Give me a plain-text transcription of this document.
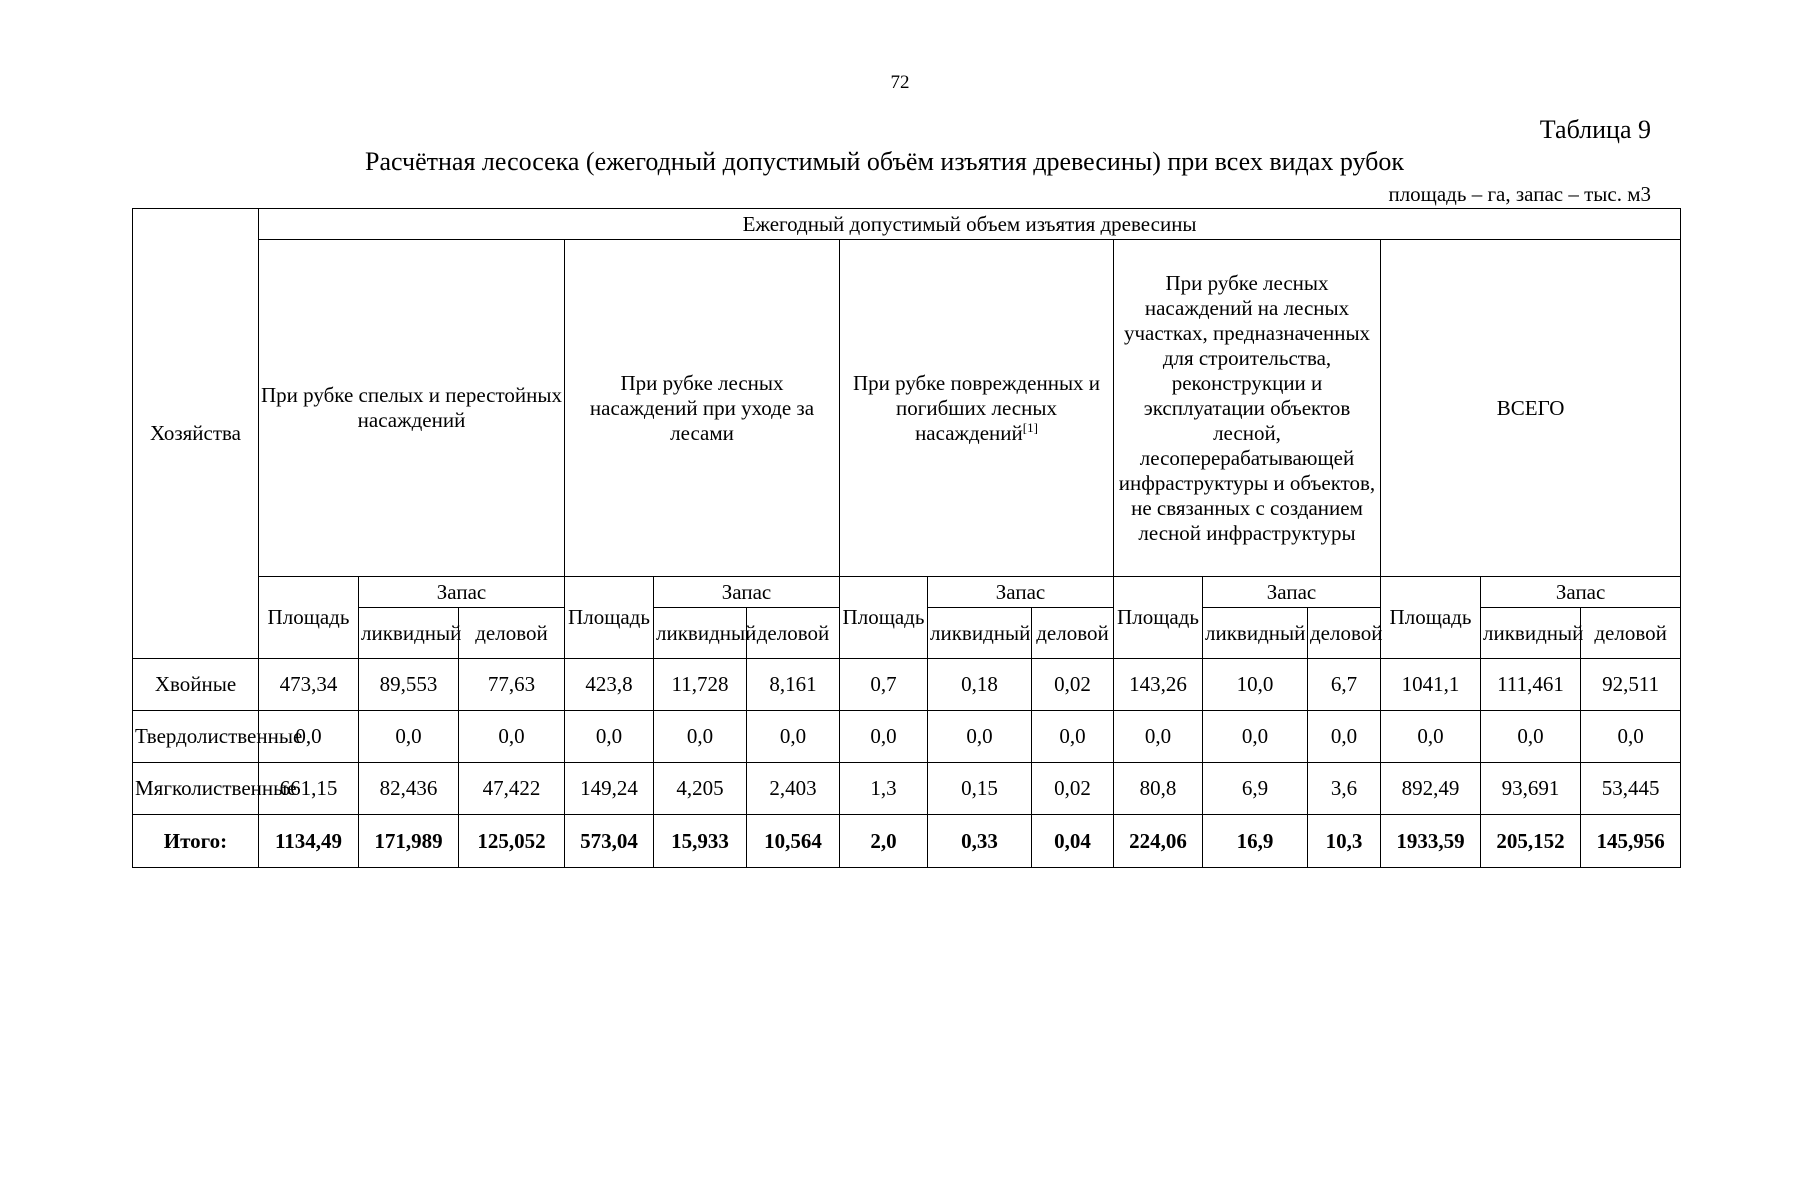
72
Таблица 9
Расчётная лесосека (ежегодный допустимый объём изъятия древесины) при всех видах рубок
площадь – га, запас – тыс. м3
Хозяйства	Ежегодный допустимый объем изъятия древесины														
	При рубке спелых и перестойных насаждений			При рубке лесных насаждений при уходе за лесами			При рубке поврежденных и погибших лесных насаждений[1]			При рубке лесных насаждений на лесных участках, предназначенных для строительства, реконструкции и эксплуатации объектов лесной, лесоперерабатывающей инфраструктуры и объектов, не связанных с созданием лесной инфраструктуры			ВСЕГО		
	Площадь	Запас		Площадь	Запас		Площадь	Запас		Площадь	Запас		Площадь	Запас	
		ликвидный	деловой		ликвидный	деловой		ликвидный	деловой		ликвидный	деловой		ликвидный	деловой
Хвойные	473,34	89,553	77,63	423,8	11,728	8,161	0,7	0,18	0,02	143,26	10,0	6,7	1041,1	111,461	92,511
Твердолиственные	0,0	0,0	0,0	0,0	0,0	0,0	0,0	0,0	0,0	0,0	0,0	0,0	0,0	0,0	0,0
Мягколиственные	661,15	82,436	47,422	149,24	4,205	2,403	1,3	0,15	0,02	80,8	6,9	3,6	892,49	93,691	53,445
Итого:	1134,49	171,989	125,052	573,04	15,933	10,564	2,0	0,33	0,04	224,06	16,9	10,3	1933,59	205,152	145,956
